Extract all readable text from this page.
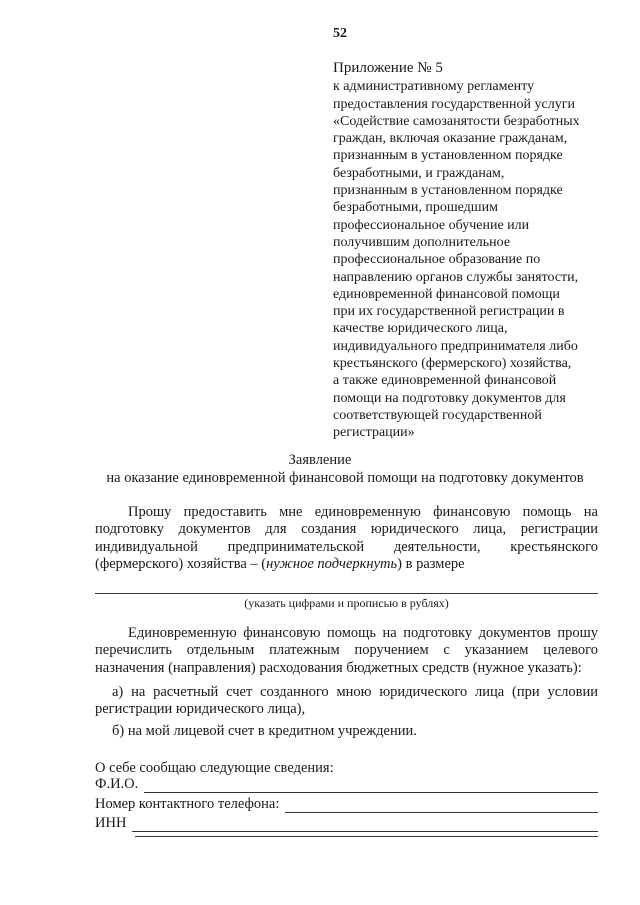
52
Приложение № 5
к административному регламенту
предоставления государственной услуги
«Содействие самозанятости безработных
граждан, включая оказание гражданам,
признанным в установленном порядке
безработными, и гражданам,
признанным в установленном порядке
безработными, прошедшим
профессиональное обучение или
получившим дополнительное
профессиональное образование по
направлению органов службы занятости,
единовременной финансовой помощи
при их государственной регистрации в
качестве юридического лица,
индивидуального предпринимателя либо
крестьянского (фермерского) хозяйства,
а также единовременной финансовой
помощи на подготовку документов для
соответствующей государственной
регистрации»
Заявление
на оказание единовременной финансовой помощи на подготовку документов
Прошу предоставить мне единовременную финансовую помощь на подготовку документов для создания юридического лица, регистрации индивидуальной предпринимательской деятельности, крестьянского (фермерского) хозяйства – (нужное подчеркнуть) в размере
(указать цифрами и прописью в рублях)
Единовременную финансовую помощь на подготовку документов прошу перечислить отдельным платежным поручением с указанием целевого назначения (направления) расходования бюджетных средств (нужное указать):
а) на расчетный счет созданного мною юридического лица (при условии регистрации юридического лица),
б) на мой лицевой счет в кредитном учреждении.
О себе сообщаю следующие сведения:
Ф.И.О.
Номер контактного телефона:
ИНН
